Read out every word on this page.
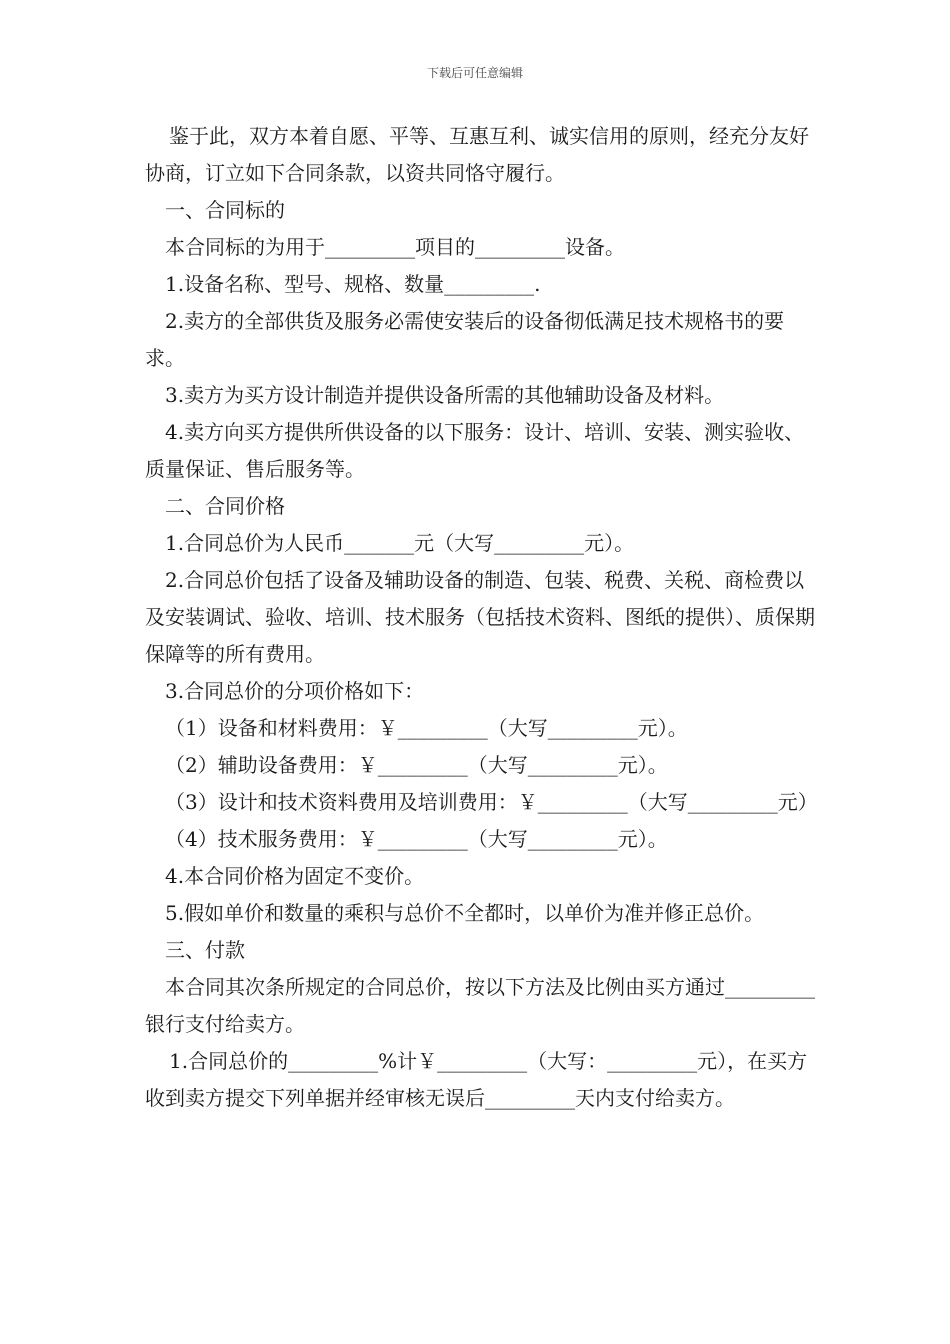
下载后可任意编辑

鉴于此，双方本着自愿、平等、互惠互利、诚实信用的原则，经充分友好协商，订立如下合同条款，以资共同恪守履行。

一、合同标的

本合同标的为用于_________项目的_________设备。

1.设备名称、型号、规格、数量_________.

2.卖方的全部供货及服务必需使安装后的设备彻低满足技术规格书的要求。

3.卖方为买方设计制造并提供设备所需的其他辅助设备及材料。

4.卖方向买方提供所供设备的以下服务：设计、培训、安装、测实验收、质量保证、售后服务等。

二、合同价格

1.合同总价为人民币_______元（大写_________元）。

2.合同总价包括了设备及辅助设备的制造、包装、税费、关税、商检费以及安装调试、验收、培训、技术服务（包括技术资料、图纸的提供）、质保期保障等的所有费用。

3.合同总价的分项价格如下：

（1）设备和材料费用：￥_________（大写_________元）。

（2）辅助设备费用：￥_________（大写_________元）。

（3）设计和技术资料费用及培训费用：￥_________（大写_________元）

（4）技术服务费用：￥_________（大写_________元）。

4.本合同价格为固定不变价。

5.假如单价和数量的乘积与总价不全都时，以单价为准并修正总价。

三、付款

本合同其次条所规定的合同总价，按以下方法及比例由买方通过_________银行支付给卖方。

1.合同总价的_________%计￥_________（大写：_________元），在买方收到卖方提交下列单据并经审核无误后_________天内支付给卖方。
